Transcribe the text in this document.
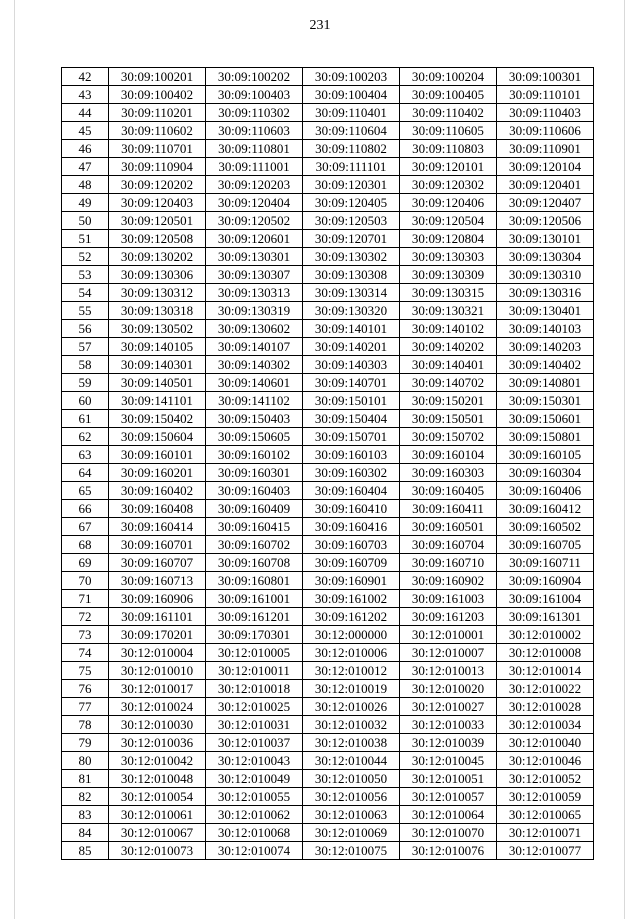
231
42	30:09:100201	30:09:100202	30:09:100203	30:09:100204	30:09:100301
43	30:09:100402	30:09:100403	30:09:100404	30:09:100405	30:09:110101
44	30:09:110201	30:09:110302	30:09:110401	30:09:110402	30:09:110403
45	30:09:110602	30:09:110603	30:09:110604	30:09:110605	30:09:110606
46	30:09:110701	30:09:110801	30:09:110802	30:09:110803	30:09:110901
47	30:09:110904	30:09:111001	30:09:111101	30:09:120101	30:09:120104
48	30:09:120202	30:09:120203	30:09:120301	30:09:120302	30:09:120401
49	30:09:120403	30:09:120404	30:09:120405	30:09:120406	30:09:120407
50	30:09:120501	30:09:120502	30:09:120503	30:09:120504	30:09:120506
51	30:09:120508	30:09:120601	30:09:120701	30:09:120804	30:09:130101
52	30:09:130202	30:09:130301	30:09:130302	30:09:130303	30:09:130304
53	30:09:130306	30:09:130307	30:09:130308	30:09:130309	30:09:130310
54	30:09:130312	30:09:130313	30:09:130314	30:09:130315	30:09:130316
55	30:09:130318	30:09:130319	30:09:130320	30:09:130321	30:09:130401
56	30:09:130502	30:09:130602	30:09:140101	30:09:140102	30:09:140103
57	30:09:140105	30:09:140107	30:09:140201	30:09:140202	30:09:140203
58	30:09:140301	30:09:140302	30:09:140303	30:09:140401	30:09:140402
59	30:09:140501	30:09:140601	30:09:140701	30:09:140702	30:09:140801
60	30:09:141101	30:09:141102	30:09:150101	30:09:150201	30:09:150301
61	30:09:150402	30:09:150403	30:09:150404	30:09:150501	30:09:150601
62	30:09:150604	30:09:150605	30:09:150701	30:09:150702	30:09:150801
63	30:09:160101	30:09:160102	30:09:160103	30:09:160104	30:09:160105
64	30:09:160201	30:09:160301	30:09:160302	30:09:160303	30:09:160304
65	30:09:160402	30:09:160403	30:09:160404	30:09:160405	30:09:160406
66	30:09:160408	30:09:160409	30:09:160410	30:09:160411	30:09:160412
67	30:09:160414	30:09:160415	30:09:160416	30:09:160501	30:09:160502
68	30:09:160701	30:09:160702	30:09:160703	30:09:160704	30:09:160705
69	30:09:160707	30:09:160708	30:09:160709	30:09:160710	30:09:160711
70	30:09:160713	30:09:160801	30:09:160901	30:09:160902	30:09:160904
71	30:09:160906	30:09:161001	30:09:161002	30:09:161003	30:09:161004
72	30:09:161101	30:09:161201	30:09:161202	30:09:161203	30:09:161301
73	30:09:170201	30:09:170301	30:12:000000	30:12:010001	30:12:010002
74	30:12:010004	30:12:010005	30:12:010006	30:12:010007	30:12:010008
75	30:12:010010	30:12:010011	30:12:010012	30:12:010013	30:12:010014
76	30:12:010017	30:12:010018	30:12:010019	30:12:010020	30:12:010022
77	30:12:010024	30:12:010025	30:12:010026	30:12:010027	30:12:010028
78	30:12:010030	30:12:010031	30:12:010032	30:12:010033	30:12:010034
79	30:12:010036	30:12:010037	30:12:010038	30:12:010039	30:12:010040
80	30:12:010042	30:12:010043	30:12:010044	30:12:010045	30:12:010046
81	30:12:010048	30:12:010049	30:12:010050	30:12:010051	30:12:010052
82	30:12:010054	30:12:010055	30:12:010056	30:12:010057	30:12:010059
83	30:12:010061	30:12:010062	30:12:010063	30:12:010064	30:12:010065
84	30:12:010067	30:12:010068	30:12:010069	30:12:010070	30:12:010071
85	30:12:010073	30:12:010074	30:12:010075	30:12:010076	30:12:010077
